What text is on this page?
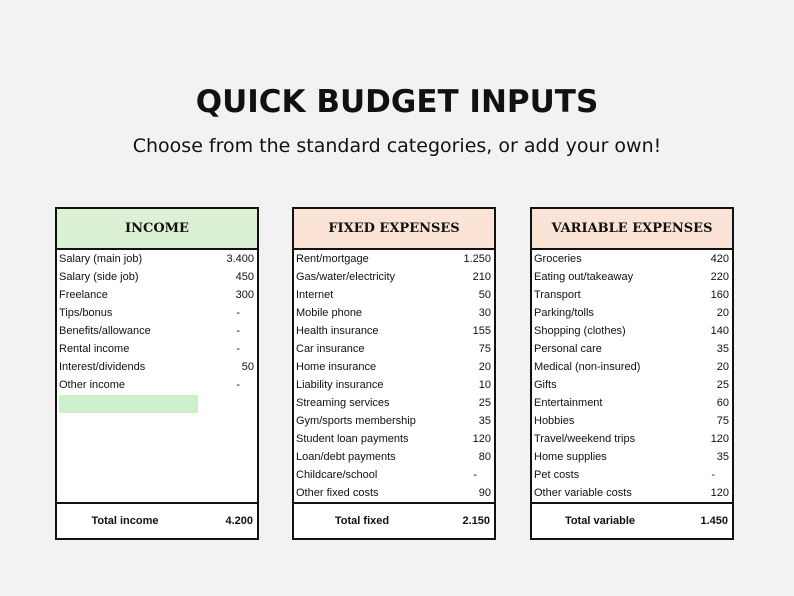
QUICK BUDGET INPUTS
Choose from the standard categories, or add your own!
INCOME
Salary (main job)	3.400
Salary (side job)	450
Freelance	300
Tips/bonus	-
Benefits/allowance	-
Rental income	-
Interest/dividends	50
Other income	-
Total income	4.200
FIXED EXPENSES
Rent/mortgage	1.250
Gas/water/electricity	210
Internet	50
Mobile phone	30
Health insurance	155
Car insurance	75
Home insurance	20
Liability insurance	10
Streaming services	25
Gym/sports membership	35
Student loan payments	120
Loan/debt payments	80
Childcare/school	-
Other fixed costs	90
Total fixed	2.150
VARIABLE EXPENSES
Groceries	420
Eating out/takeaway	220
Transport	160
Parking/tolls	20
Shopping (clothes)	140
Personal care	35
Medical (non-insured)	20
Gifts	25
Entertainment	60
Hobbies	75
Travel/weekend trips	120
Home supplies	35
Pet costs	-
Other variable costs	120
Total variable	1.450
